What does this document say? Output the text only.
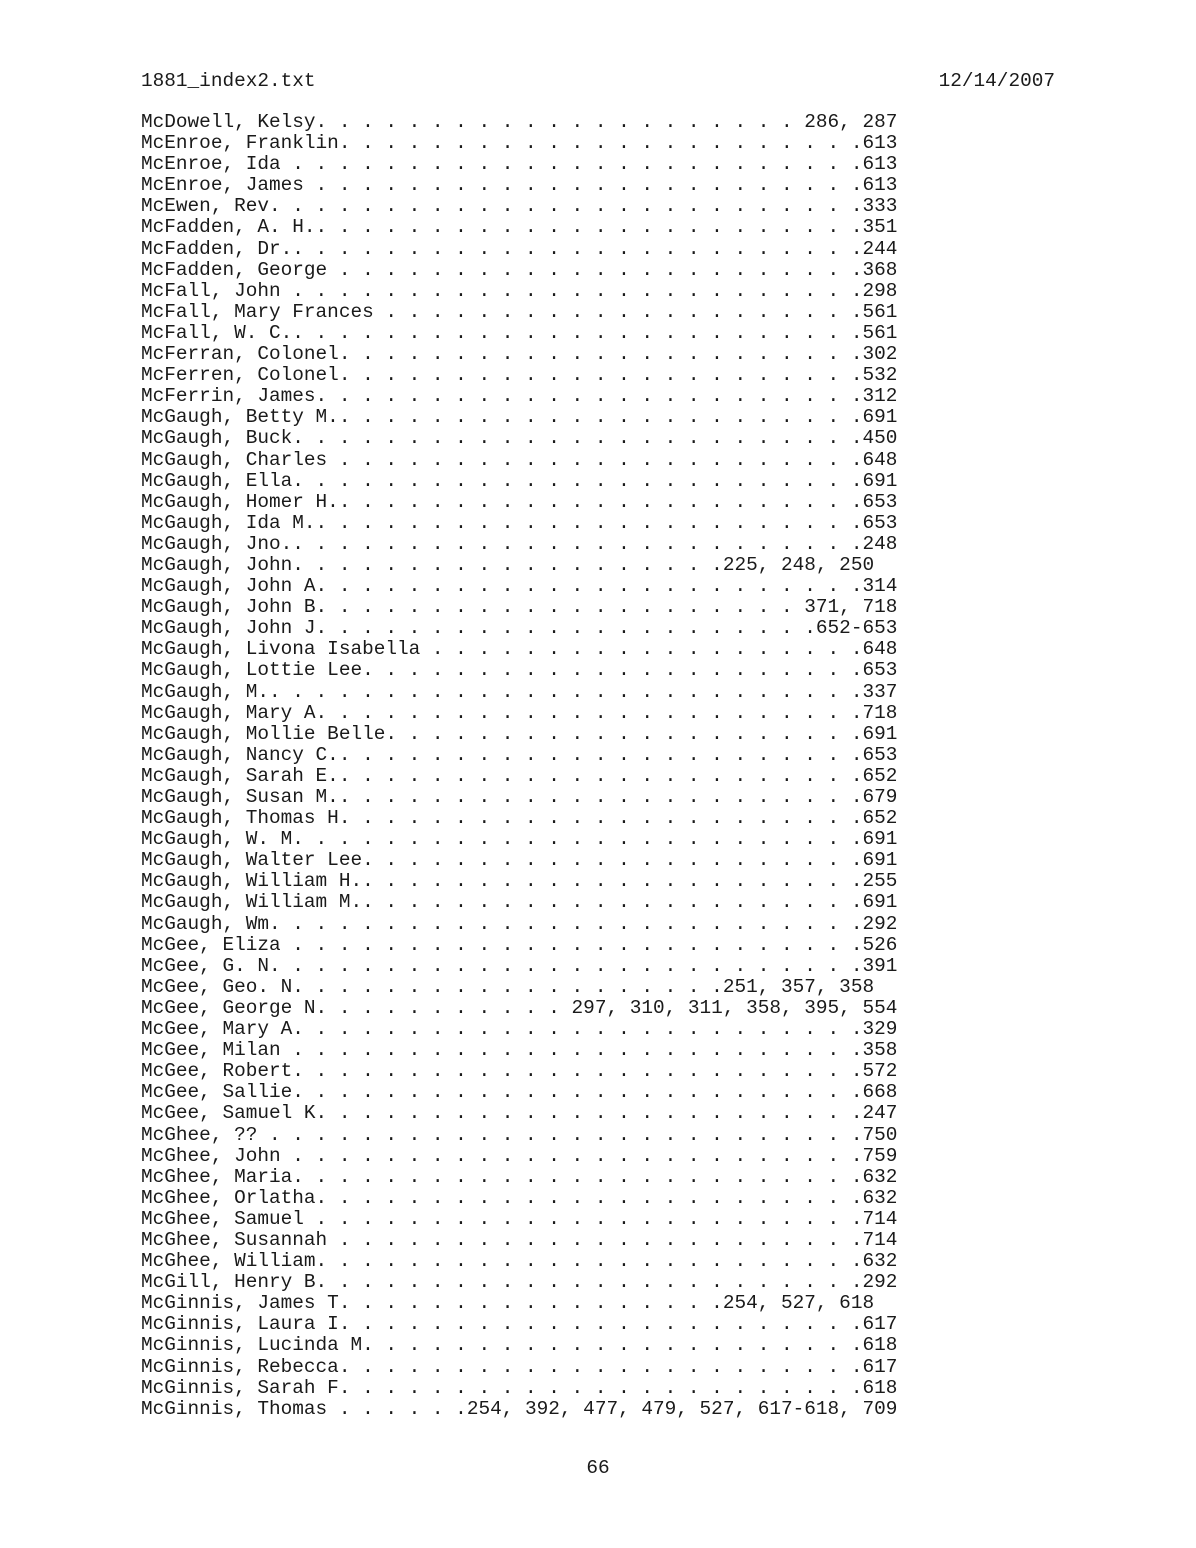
1881_index2.txt	12/14/2007
McDowell, Kelsy. . . . . . . . . . . . . . . . . . . . . 286, 287
McEnroe, Franklin. . . . . . . . . . . . . . . . . . . . . . .613
McEnroe, Ida . . . . . . . . . . . . . . . . . . . . . . . . .613
McEnroe, James . . . . . . . . . . . . . . . . . . . . . . . .613
McEwen, Rev. . . . . . . . . . . . . . . . . . . . . . . . . .333
McFadden, A. H.. . . . . . . . . . . . . . . . . . . . . . . .351
McFadden, Dr.. . . . . . . . . . . . . . . . . . . . . . . . .244
McFadden, George . . . . . . . . . . . . . . . . . . . . . . .368
McFall, John . . . . . . . . . . . . . . . . . . . . . . . . .298
McFall, Mary Frances . . . . . . . . . . . . . . . . . . . . .561
McFall, W. C.. . . . . . . . . . . . . . . . . . . . . . . . .561
McFerran, Colonel. . . . . . . . . . . . . . . . . . . . . . .302
McFerren, Colonel. . . . . . . . . . . . . . . . . . . . . . .532
McFerrin, James. . . . . . . . . . . . . . . . . . . . . . . .312
McGaugh, Betty M.. . . . . . . . . . . . . . . . . . . . . . .691
McGaugh, Buck. . . . . . . . . . . . . . . . . . . . . . . . .450
McGaugh, Charles . . . . . . . . . . . . . . . . . . . . . . .648
McGaugh, Ella. . . . . . . . . . . . . . . . . . . . . . . . .691
McGaugh, Homer H.. . . . . . . . . . . . . . . . . . . . . . .653
McGaugh, Ida M.. . . . . . . . . . . . . . . . . . . . . . . .653
McGaugh, Jno.. . . . . . . . . . . . . . . . . . . . . . . . .248
McGaugh, John. . . . . . . . . . . . . . . . . . .225, 248, 250
McGaugh, John A. . . . . . . . . . . . . . . . . . . . . . . .314
McGaugh, John B. . . . . . . . . . . . . . . . . . . . . 371, 718
McGaugh, John J. . . . . . . . . . . . . . . . . . . . . .652-653
McGaugh, Livona Isabella . . . . . . . . . . . . . . . . . . .648
McGaugh, Lottie Lee. . . . . . . . . . . . . . . . . . . . . .653
McGaugh, M.. . . . . . . . . . . . . . . . . . . . . . . . . .337
McGaugh, Mary A. . . . . . . . . . . . . . . . . . . . . . . .718
McGaugh, Mollie Belle. . . . . . . . . . . . . . . . . . . . .691
McGaugh, Nancy C.. . . . . . . . . . . . . . . . . . . . . . .653
McGaugh, Sarah E.. . . . . . . . . . . . . . . . . . . . . . .652
McGaugh, Susan M.. . . . . . . . . . . . . . . . . . . . . . .679
McGaugh, Thomas H. . . . . . . . . . . . . . . . . . . . . . .652
McGaugh, W. M. . . . . . . . . . . . . . . . . . . . . . . . .691
McGaugh, Walter Lee. . . . . . . . . . . . . . . . . . . . . .691
McGaugh, William H.. . . . . . . . . . . . . . . . . . . . . .255
McGaugh, William M.. . . . . . . . . . . . . . . . . . . . . .691
McGaugh, Wm. . . . . . . . . . . . . . . . . . . . . . . . . .292
McGee, Eliza . . . . . . . . . . . . . . . . . . . . . . . . .526
McGee, G. N. . . . . . . . . . . . . . . . . . . . . . . . . .391
McGee, Geo. N. . . . . . . . . . . . . . . . . . .251, 357, 358
McGee, George N. . . . . . . . . . . 297, 310, 311, 358, 395, 554
McGee, Mary A. . . . . . . . . . . . . . . . . . . . . . . . .329
McGee, Milan . . . . . . . . . . . . . . . . . . . . . . . . .358
McGee, Robert. . . . . . . . . . . . . . . . . . . . . . . . .572
McGee, Sallie. . . . . . . . . . . . . . . . . . . . . . . . .668
McGee, Samuel K. . . . . . . . . . . . . . . . . . . . . . . .247
McGhee, ?? . . . . . . . . . . . . . . . . . . . . . . . . . .750
McGhee, John . . . . . . . . . . . . . . . . . . . . . . . . .759
McGhee, Maria. . . . . . . . . . . . . . . . . . . . . . . . .632
McGhee, Orlatha. . . . . . . . . . . . . . . . . . . . . . . .632
McGhee, Samuel . . . . . . . . . . . . . . . . . . . . . . . .714
McGhee, Susannah . . . . . . . . . . . . . . . . . . . . . . .714
McGhee, William. . . . . . . . . . . . . . . . . . . . . . . .632
McGill, Henry B. . . . . . . . . . . . . . . . . . . . . . . .292
McGinnis, James T. . . . . . . . . . . . . . . . .254, 527, 618
McGinnis, Laura I. . . . . . . . . . . . . . . . . . . . . . .617
McGinnis, Lucinda M. . . . . . . . . . . . . . . . . . . . . .618
McGinnis, Rebecca. . . . . . . . . . . . . . . . . . . . . . .617
McGinnis, Sarah F. . . . . . . . . . . . . . . . . . . . . . .618
McGinnis, Thomas . . . . . .254, 392, 477, 479, 527, 617-618, 709
66
